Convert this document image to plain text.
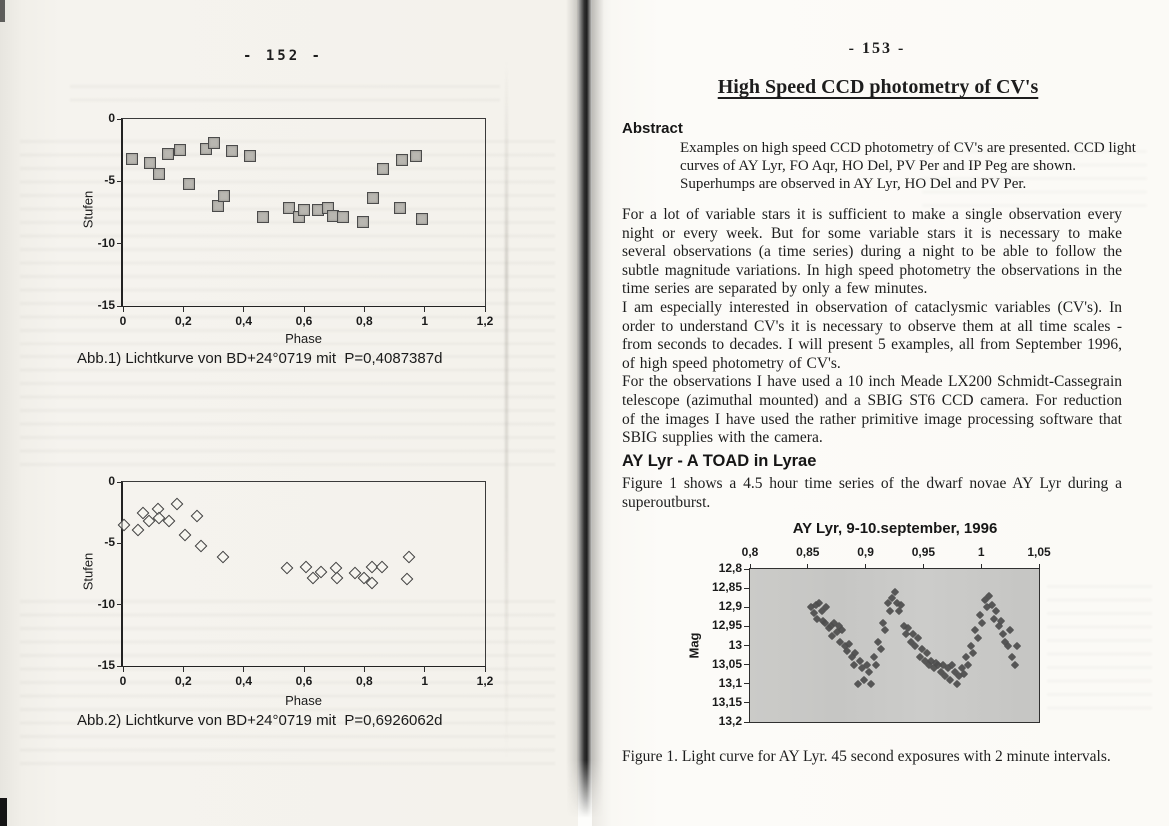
- 152 -
0	0,2	0,4	0,6	0,8	1	1,2
0
-5
-10
-15
Stufen
Phase
Abb.1) Lichtkurve von BD+24°0719 mit  P=0,4087387d
0	0,2	0,4	0,6	0,8	1	1,2
0
-5
-10
-15
Stufen
Phase
Abb.2) Lichtkurve von BD+24°0719 mit  P=0,6926062d
- 153 -
High Speed CCD photometry of CV's
Abstract
Examples on high speed CCD photometry of CV's are presented. CCD light curves of AY Lyr, FO Aqr, HO Del, PV Per and IP Peg are shown. Superhumps are observed in AY Lyr, HO Del and PV Per.

For a lot of variable stars it is sufficient to make a single observation every night or every week. But for some variable stars it is necessary to make several observations (a time series) during a night to be able to follow the subtle magnitude variations. In high speed photometry the observations in the time series are separated by only a few minutes.

I am especially interested in observation of cataclysmic variables (CV's). In order to understand CV's it is necessary to observe them at all time scales - from seconds to decades. I will present 5 examples, all from September 1996, of high speed photometry of CV's.

For the observations I have used a 10 inch Meade LX200 Schmidt-Cassegrain telescope (azimuthal mounted) and a SBIG ST6 CCD camera. For reduction of the images I have used the rather primitive image processing software that SBIG supplies with the camera.

AY Lyr - A TOAD in Lyrae
Figure 1 shows a 4.5 hour time series of the dwarf novae AY Lyr during a superoutburst.
AY Lyr, 9-10.september, 1996
0,8	0,85	0,9	0,95	1	1,05
12,8
12,85
12,9
12,95
13
13,05
13,1
13,15
13,2
Mag
Figure 1. Light curve for AY Lyr. 45 second exposures with 2 minute intervals.
